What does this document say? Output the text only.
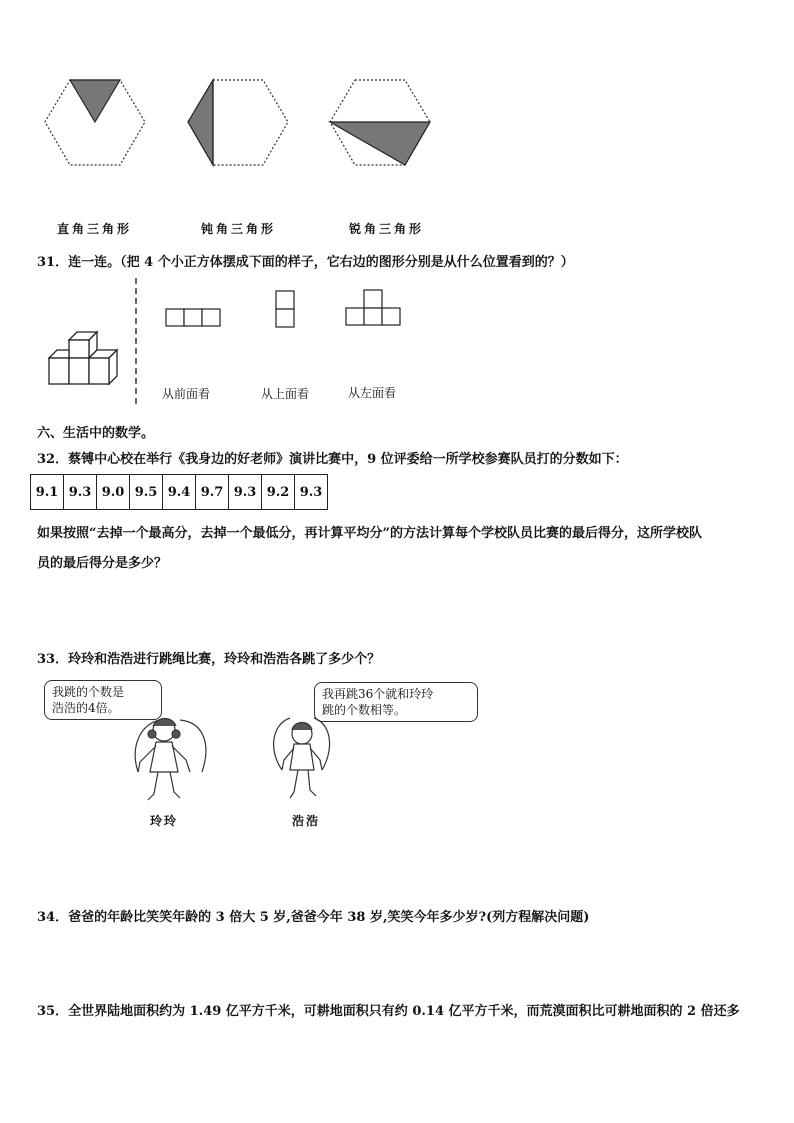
直角三角形	钝角三角形	锐角三角形
31．连一连。（把 4 个小正方体摆成下面的样子，它右边的图形分别是从什么位置看到的？）
从前面看	从上面看	从左面看
六、生活中的数学。
32．蔡镈中心校在举行《我身边的好老师》演讲比赛中，9 位评委给一所学校参赛队员打的分数如下：
9.1	9.3	9.0	9.5	9.4	9.7	9.3	9.2	9.3
如果按照“去掉一个最高分，去掉一个最低分，再计算平均分”的方法计算每个学校队员比赛的最后得分，这所学校队
员的最后得分是多少？
33．玲玲和浩浩进行跳绳比赛，玲玲和浩浩各跳了多少个？
我跳的个数是
浩浩的4倍。
我再跳36个就和玲玲
跳的个数相等。
玲玲	浩浩
34．爸爸的年龄比笑笑年龄的 3 倍大 5 岁,爸爸今年 38 岁,笑笑今年多少岁?(列方程解决问题)
35．全世界陆地面积约为 1.49 亿平方千米，可耕地面积只有约 0.14 亿平方千米，而荒漠面积比可耕地面积的 2 倍还多
